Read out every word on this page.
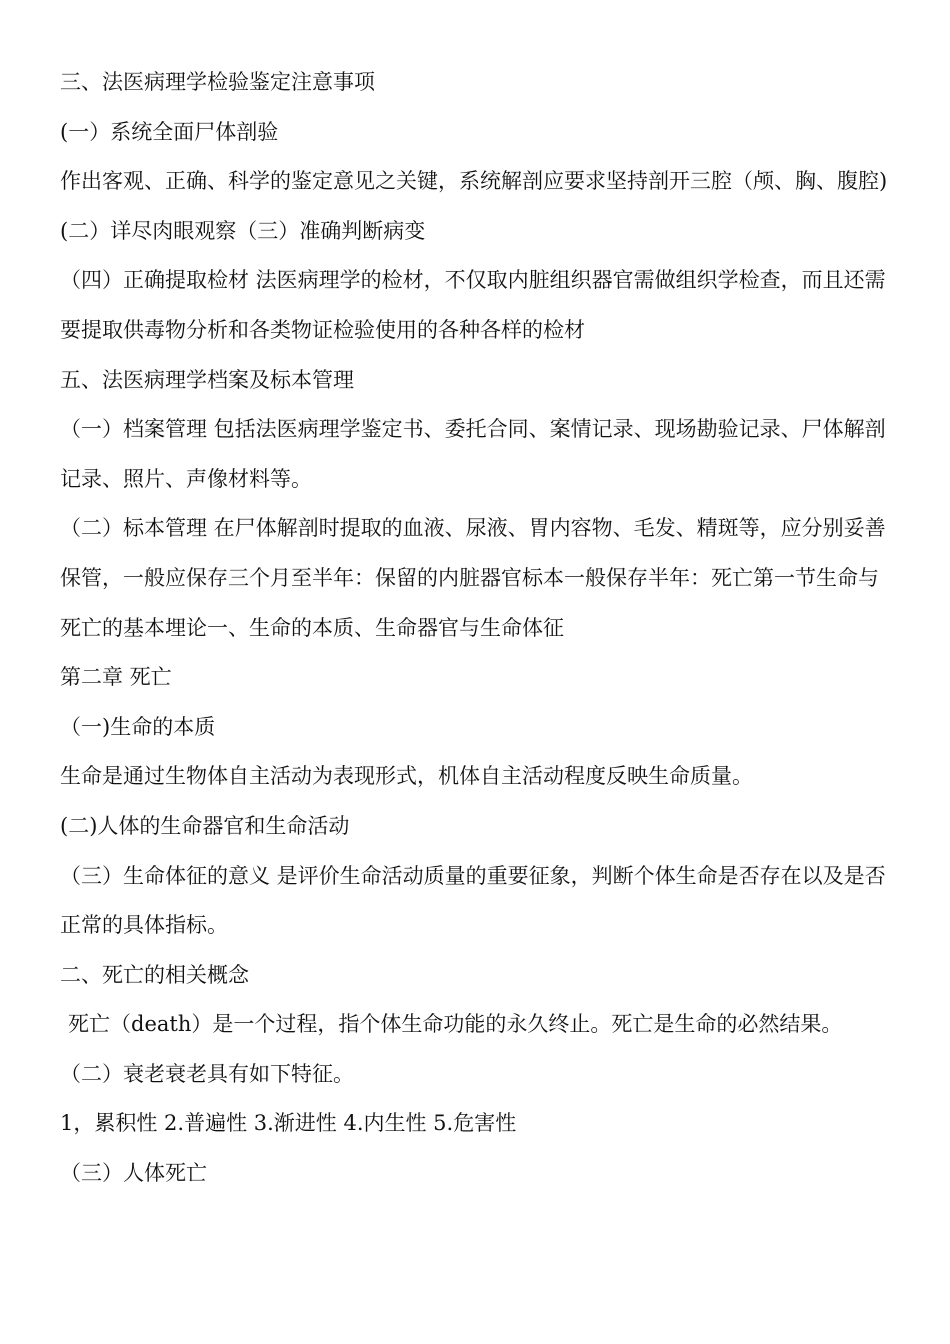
三、法医病理学检验鉴定注意事项

(一）系统全面尸体剖验

作出客观、正确、科学的鉴定意见之关键，系统解剖应要求坚持剖开三腔（颅、胸、腹腔)

(二）详尽肉眼观察（三）准确判断病变

（四）正确提取检材 法医病理学的检材，不仅取内脏组织器官需做组织学检查，而且还需要提取供毒物分析和各类物证检验使用的各种各样的检材

五、法医病理学档案及标本管理

（一）档案管理 包括法医病理学鉴定书、委托合同、案情记录、现场勘验记录、尸体解剖记录、照片、声像材料等。

（二）标本管理 在尸体解剖时提取的血液、尿液、胃内容物、毛发、精斑等，应分别妥善保管，一般应保存三个月至半年：保留的内脏器官标本一般保存半年：死亡第一节生命与死亡的基本埋论一、生命的本质、生命器官与生命体征

第二章 死亡

（一)生命的本质

生命是通过生物体自主活动为表现形式，机体自主活动程度反映生命质量。

(二)人体的生命器官和生命活动

（三）生命体征的意义 是评价生命活动质量的重要征象，判断个体生命是否存在以及是否正常的具体指标。

二、死亡的相关概念

死亡（death）是一个过程，指个体生命功能的永久终止。死亡是生命的必然结果。

（二）衰老衰老具有如下特征。

1，累积性 2.普遍性 3.渐进性 4.内生性 5.危害性

（三）人体死亡
